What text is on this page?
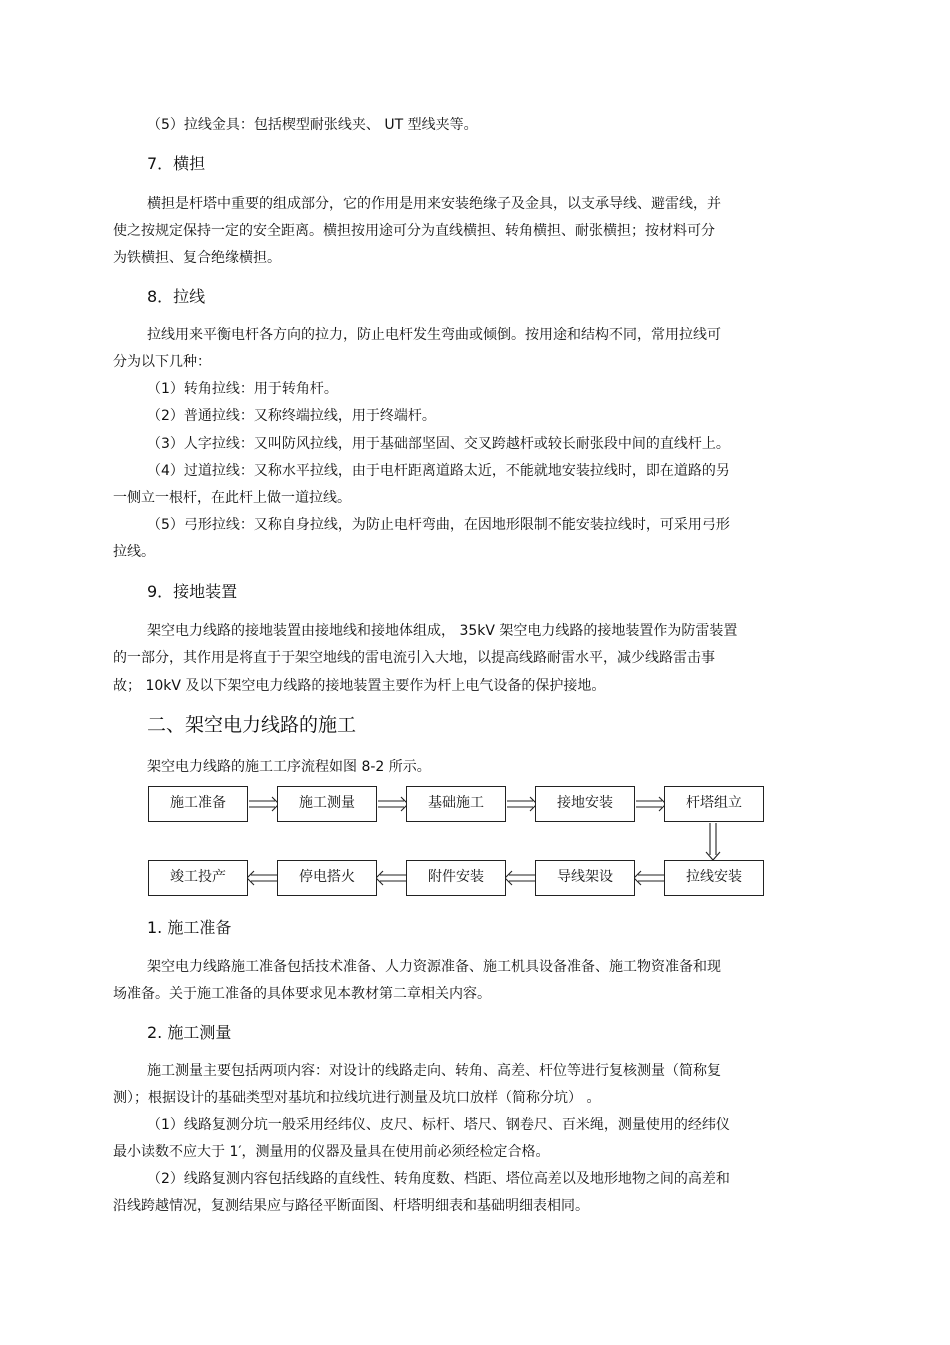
（5）拉线金具：包括楔型耐张线夹、 UT 型线夹等。
7．横担
横担是杆塔中重要的组成部分，它的作用是用来安装绝缘子及金具，以支承导线、避雷线，并
使之按规定保持一定的安全距离。横担按用途可分为直线横担、转角横担、耐张横担；按材料可分
为铁横担、复合绝缘横担。
8．拉线
拉线用来平衡电杆各方向的拉力，防止电杆发生弯曲或倾倒。按用途和结构不同，常用拉线可
分为以下几种：
（1）转角拉线：用于转角杆。
（2）普通拉线：又称终端拉线，用于终端杆。
（3）人字拉线：又叫防风拉线，用于基础部坚固、交叉跨越杆或较长耐张段中间的直线杆上。
（4）过道拉线：又称水平拉线，由于电杆距离道路太近，不能就地安装拉线时，即在道路的另
一侧立一根杆，在此杆上做一道拉线。
（5）弓形拉线：又称自身拉线，为防止电杆弯曲，在因地形限制不能安装拉线时，可采用弓形
拉线。
9．接地装置
架空电力线路的接地装置由接地线和接地体组成， 35kV 架空电力线路的接地装置作为防雷装置
的一部分，其作用是将直于于架空地线的雷电流引入大地，以提高线路耐雷水平，减少线路雷击事
故； 10kV 及以下架空电力线路的接地装置主要作为杆上电气设备的保护接地。
二、架空电力线路的施工
架空电力线路的施工工序流程如图 8-2 所示。
施工准备	施工测量	基础施工	接地安装	杆塔组立
竣工投产	停电搭火	附件安装	导线架设	拉线安装
1. 施工准备
架空电力线路施工准备包括技术准备、人力资源准备、施工机具设备准备、施工物资准备和现
场准备。关于施工准备的具体要求见本教材第二章相关内容。
2. 施工测量
施工测量主要包括两项内容：对设计的线路走向、转角、高差、杆位等进行复核测量（简称复
测）；根据设计的基础类型对基坑和拉线坑进行测量及坑口放样（简称分坑） 。
（1）线路复测分坑一般采用经纬仪、皮尺、标杆、塔尺、钢卷尺、百米绳，测量使用的经纬仪
最小读数不应大于 1′，测量用的仪器及量具在使用前必须经检定合格。
（2）线路复测内容包括线路的直线性、转角度数、档距、塔位高差以及地形地物之间的高差和
沿线跨越情况，复测结果应与路径平断面图、杆塔明细表和基础明细表相同。
